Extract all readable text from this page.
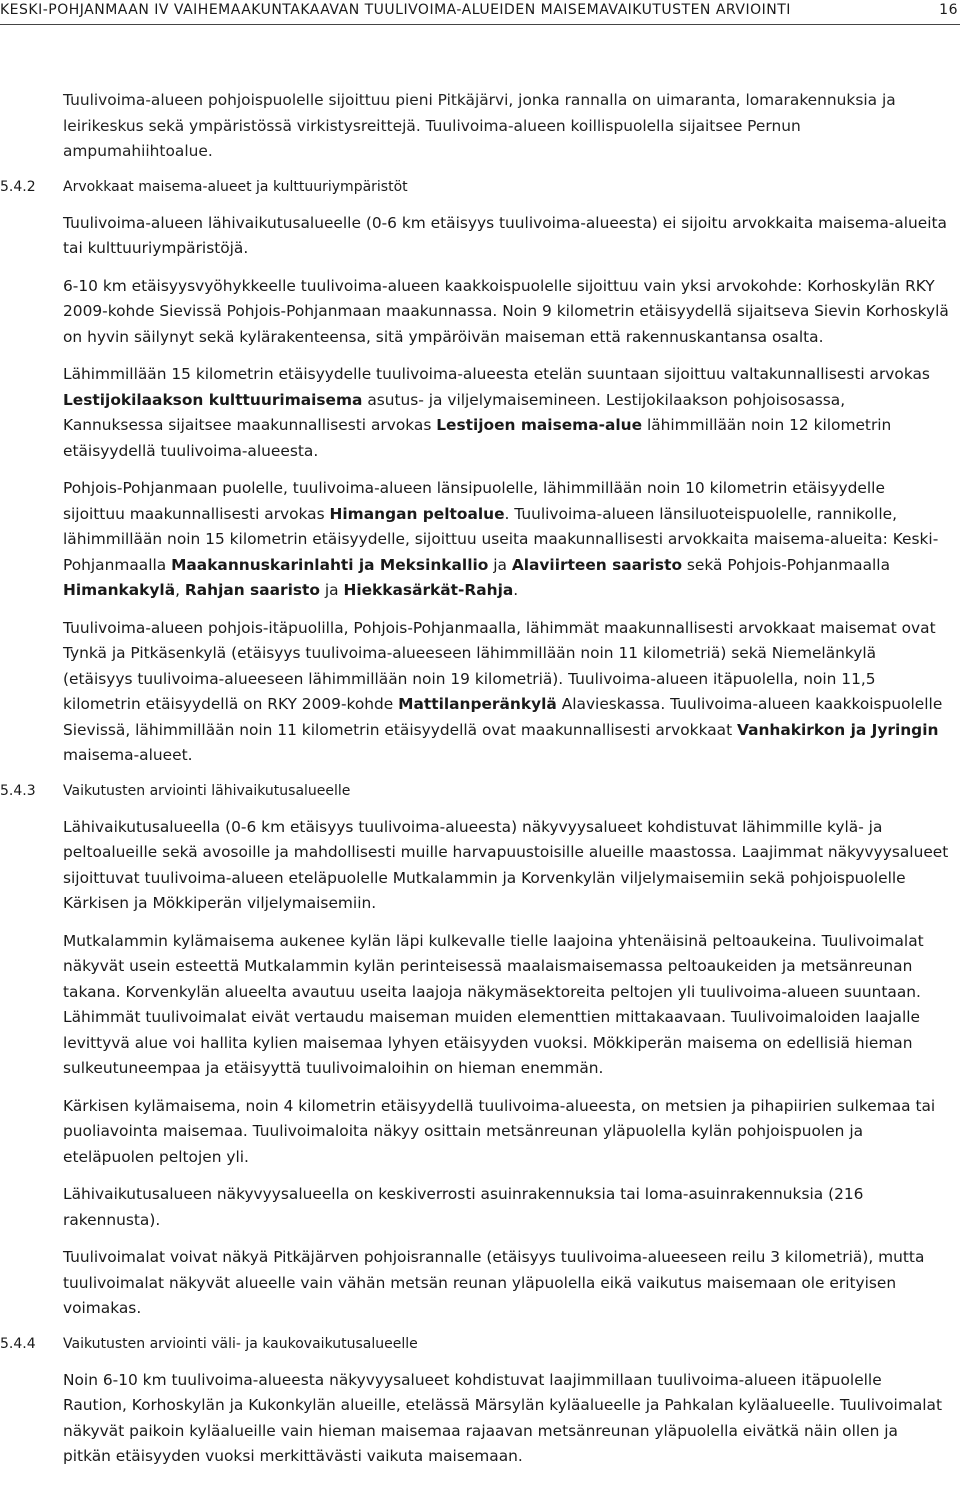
KESKI-POHJANMAAN IV VAIHEMAAKUNTAKAAVAN TUULIVOIMA-ALUEIDEN MAISEMAVAIKUTUSTEN ARVIOINTI	16

Tuulivoima-alueen pohjoispuolelle sijoittuu pieni Pitkäjärvi, jonka rannalla on uimaranta, lomarakennuksia ja leirikeskus sekä ympäristössä virkistysreittejä. Tuulivoima-alueen koillispuolella sijaitsee Pernun ampumahiihtoalue.

5.4.2	Arvokkaat maisema-alueet ja kulttuuriympäristöt

Tuulivoima-alueen lähivaikutusalueelle (0-6 km etäisyys tuulivoima-alueesta) ei sijoitu arvokkaita maisema-alueita tai kulttuuriympäristöjä.

6-10 km etäisyysvyöhykkeelle tuulivoima-alueen kaakkoispuolelle sijoittuu vain yksi arvokohde: Korhoskylän RKY 2009-kohde Sievissä Pohjois-Pohjanmaan maakunnassa. Noin 9 kilometrin etäisyydellä sijaitseva Sievin Korhoskylä on hyvin säilynyt sekä kylärakenteensa, sitä ympäröivän maiseman että rakennuskantansa osalta.

Lähimmillään 15 kilometrin etäisyydelle tuulivoima-alueesta etelän suuntaan sijoittuu valtakunnallisesti arvokas Lestijokilaakson kulttuurimaisema asutus- ja viljelymaisemineen. Lestijokilaakson pohjoisosassa, Kannuksessa sijaitsee maakunnallisesti arvokas Lestijoen maisema-alue lähimmillään noin 12 kilometrin etäisyydellä tuulivoima-alueesta.

Pohjois-Pohjanmaan puolelle, tuulivoima-alueen länsipuolelle, lähimmillään noin 10 kilometrin etäisyydelle sijoittuu maakunnallisesti arvokas Himangan peltoalue. Tuulivoima-alueen länsiluoteispuolelle, rannikolle, lähimmillään noin 15 kilometrin etäisyydelle, sijoittuu useita maakunnallisesti arvokkaita maisema-alueita: Keski-Pohjanmaalla Maakannuskarinlahti ja Meksinkallio ja Alaviirteen saaristo sekä Pohjois-Pohjanmaalla Himankakylä, Rahjan saaristo ja Hiekkasärkät-Rahja.

Tuulivoima-alueen pohjois-itäpuolilla, Pohjois-Pohjanmaalla, lähimmät maakunnallisesti arvokkaat maisemat ovat Tynkä ja Pitkäsenkylä (etäisyys tuulivoima-alueeseen lähimmillään noin 11 kilometriä) sekä Niemelänkylä (etäisyys tuulivoima-alueeseen lähimmillään noin 19 kilometriä). Tuulivoima-alueen itäpuolella, noin 11,5 kilometrin etäisyydellä on RKY 2009-kohde Mattilanperänkylä Alavieskassa. Tuulivoima-alueen kaakkoispuolelle Sievissä, lähimmillään noin 11 kilometrin etäisyydellä ovat maakunnallisesti arvokkaat Vanhakirkon ja Jyringin maisema-alueet.

5.4.3	Vaikutusten arviointi lähivaikutusalueelle

Lähivaikutusalueella (0-6 km etäisyys tuulivoima-alueesta) näkyvyysalueet kohdistuvat lähimmille kylä- ja peltoalueille sekä avosoille ja mahdollisesti muille harvapuustoisille alueille maastossa. Laajimmat näkyvyysalueet sijoittuvat tuulivoima-alueen eteläpuolelle Mutkalammin ja Korvenkylän viljelymaisemiin sekä pohjoispuolelle Kärkisen ja Mökkiperän viljelymaisemiin.

Mutkalammin kylämaisema aukenee kylän läpi kulkevalle tielle laajoina yhtenäisinä peltoaukeina. Tuulivoimalat näkyvät usein esteettä Mutkalammin kylän perinteisessä maalaismaisemassa peltoaukeiden ja metsänreunan takana. Korvenkylän alueelta avautuu useita laajoja näkymäsektoreita peltojen yli tuulivoima-alueen suuntaan. Lähimmät tuulivoimalat eivät vertaudu maiseman muiden elementtien mittakaavaan. Tuulivoimaloiden laajalle levittyvä alue voi hallita kylien maisemaa lyhyen etäisyyden vuoksi. Mökkiperän maisema on edellisiä hieman sulkeutuneempaa ja etäisyyttä tuulivoimaloihin on hieman enemmän.

Kärkisen kylämaisema, noin 4 kilometrin etäisyydellä tuulivoima-alueesta, on metsien ja pihapiirien sulkemaa tai puoliavointa maisemaa. Tuulivoimaloita näkyy osittain metsänreunan yläpuolella kylän pohjoispuolen ja eteläpuolen peltojen yli.

Lähivaikutusalueen näkyvyysalueella on keskiverrosti asuinrakennuksia tai loma-asuinrakennuksia (216 rakennusta).

Tuulivoimalat voivat näkyä Pitkäjärven pohjoisrannalle (etäisyys tuulivoima-alueeseen reilu 3 kilometriä), mutta tuulivoimalat näkyvät alueelle vain vähän metsän reunan yläpuolella eikä vaikutus maisemaan ole erityisen voimakas.

5.4.4	Vaikutusten arviointi väli- ja kaukovaikutusalueelle

Noin 6-10 km tuulivoima-alueesta näkyvyysalueet kohdistuvat laajimmillaan tuulivoima-alueen itäpuolelle Raution, Korhoskylän ja Kukonkylän alueille, etelässä Märsylän kyläalueelle ja Pahkalan kyläalueelle. Tuulivoimalat näkyvät paikoin kyläalueille vain hieman maisemaa rajaavan metsänreunan yläpuolella eivätkä näin ollen ja pitkän etäisyyden vuoksi merkittävästi vaikuta maisemaan.
